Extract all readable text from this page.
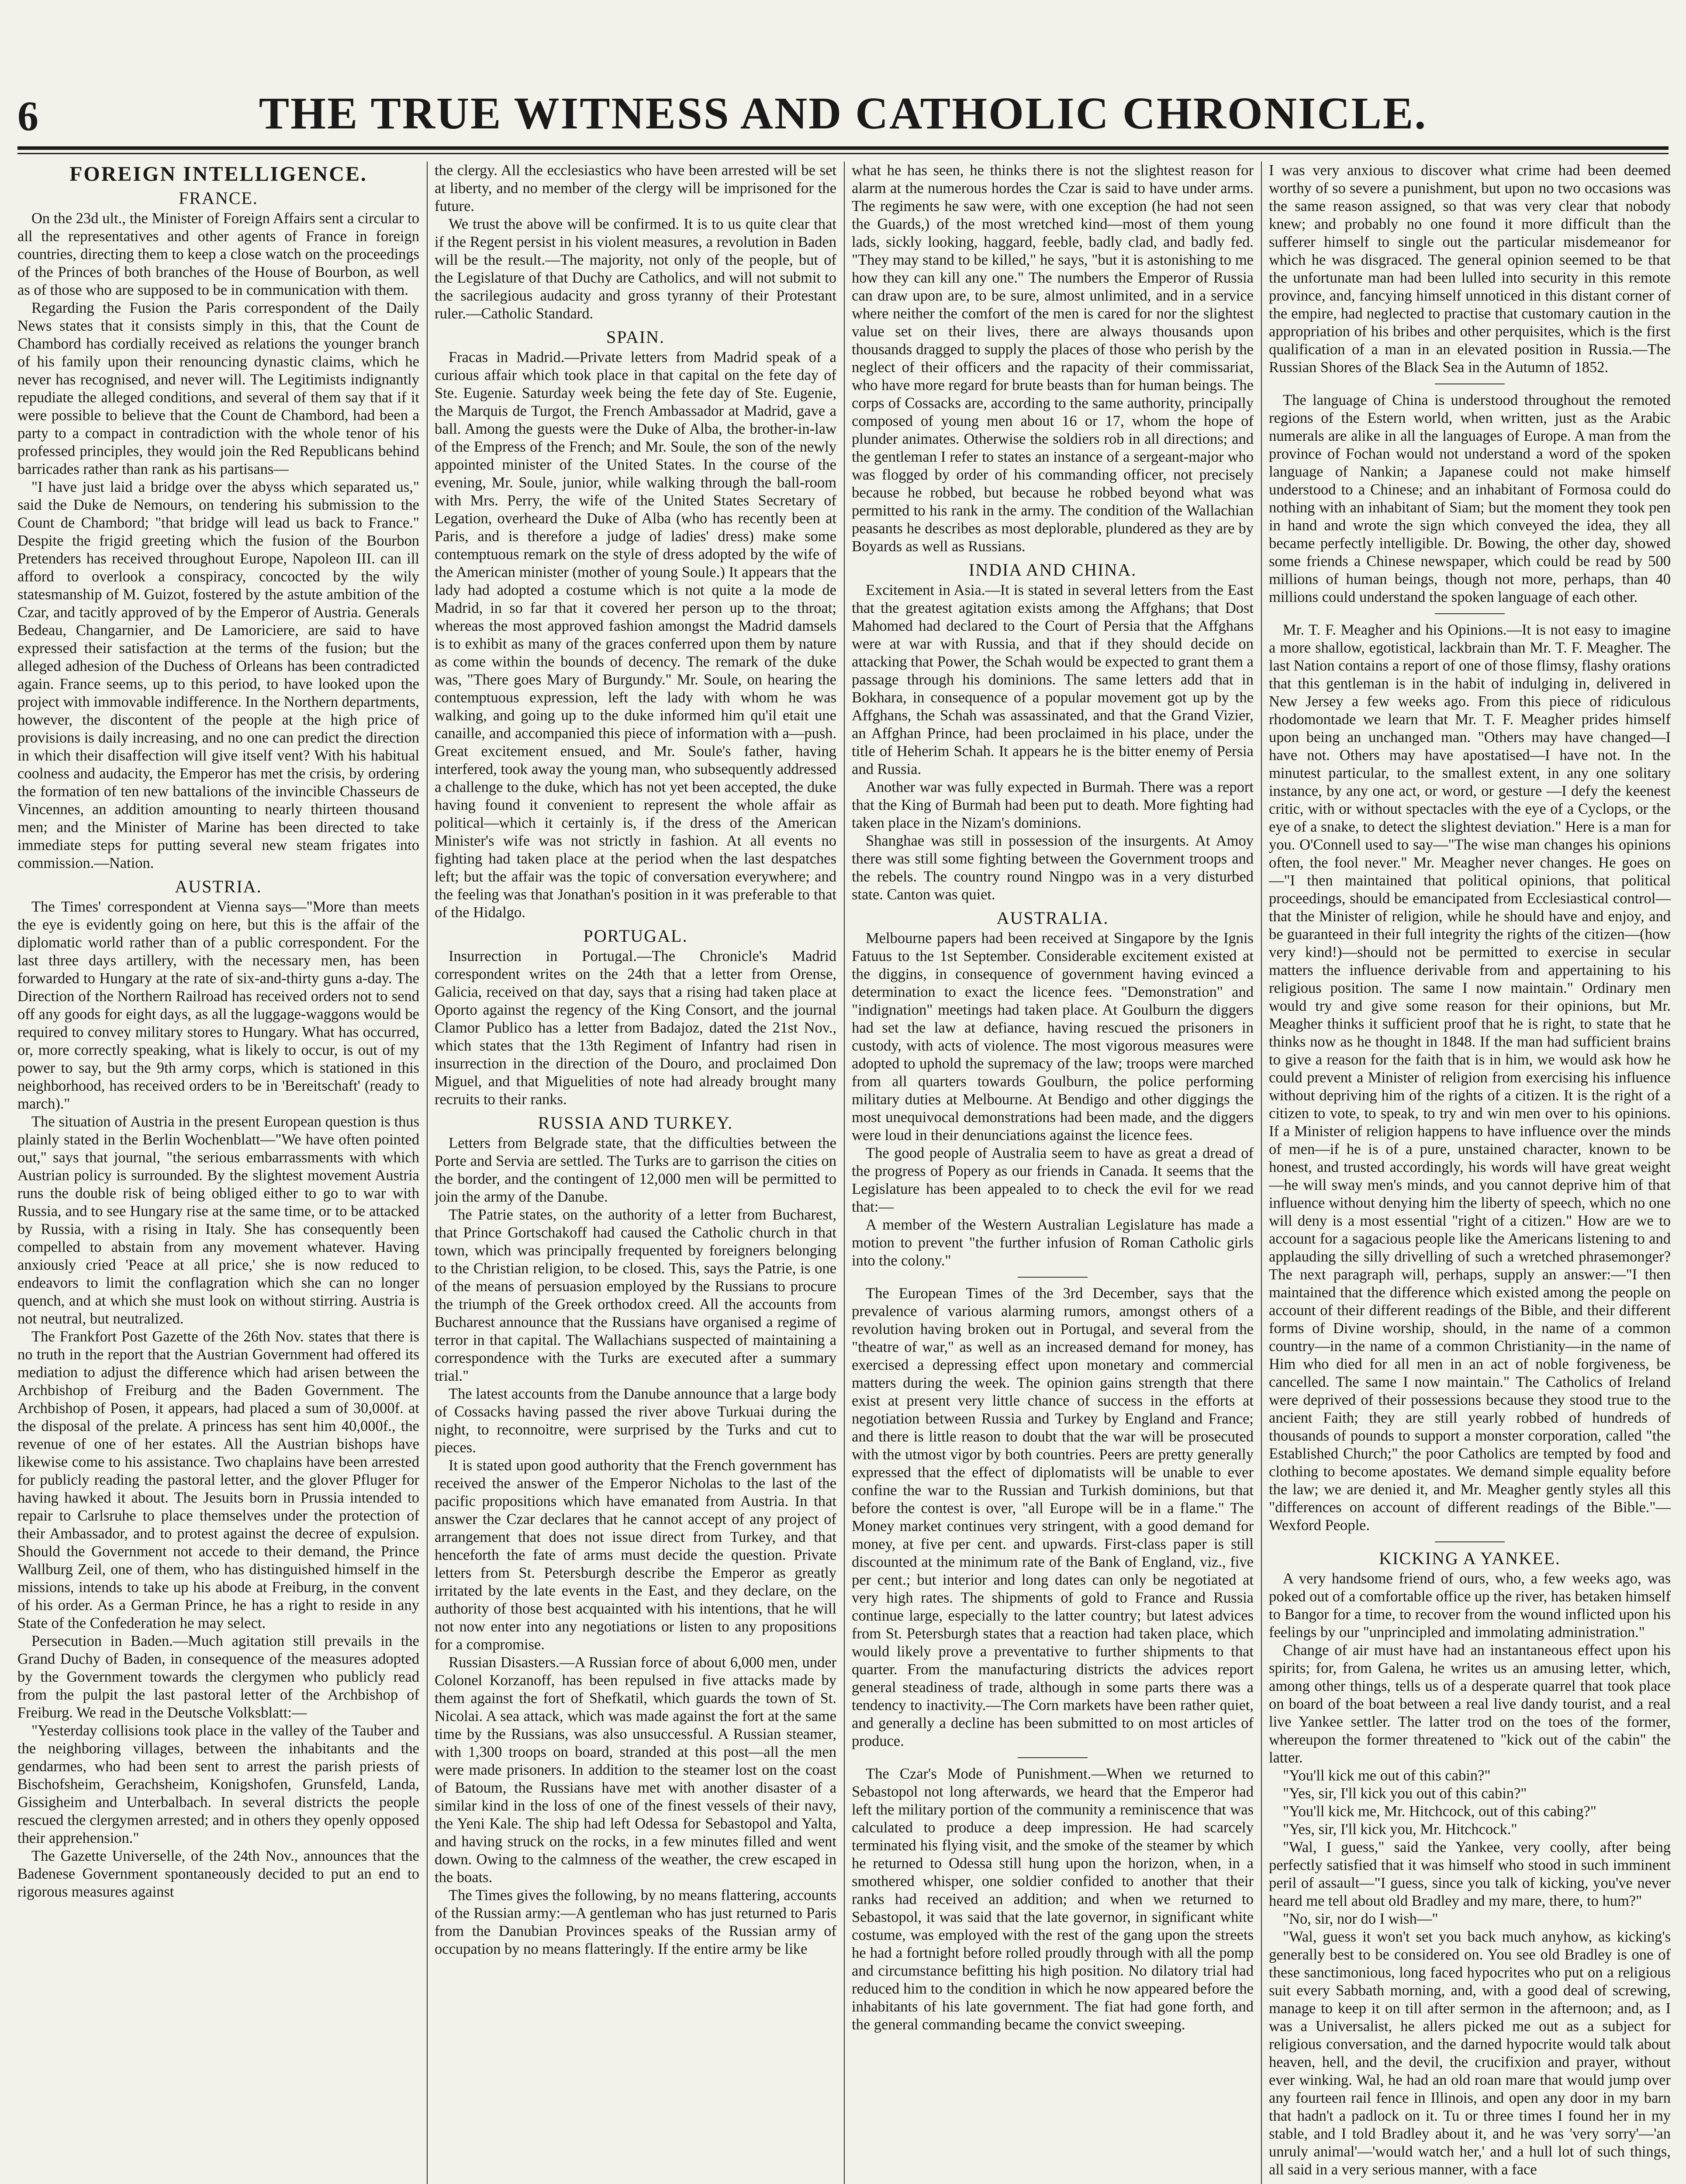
6	THE TRUE WITNESS AND CATHOLIC CHRONICLE.
FOREIGN INTELLIGENCE.
FRANCE.

On the 23d ult., the Minister of Foreign Affairs sent a circular to all the representatives and other agents of France in foreign countries, directing them to keep a close watch on the proceedings of the Princes of both branches of the House of Bourbon, as well as of those who are supposed to be in communication with them.

Regarding the Fusion the Paris correspondent of the Daily News states that it consists simply in this, that the Count de Chambord has cordially received as relations the younger branch of his family upon their renouncing dynastic claims, which he never has recognised, and never will. The Legitimists indignantly repudiate the alleged conditions, and several of them say that if it were possible to believe that the Count de Chambord, had been a party to a compact in contradiction with the whole tenor of his professed principles, they would join the Red Republicans behind barricades rather than rank as his partisans—

"I have just laid a bridge over the abyss which separated us," said the Duke de Nemours, on tendering his submission to the Count de Chambord; "that bridge will lead us back to France." Despite the frigid greeting which the fusion of the Bourbon Pretenders has received throughout Europe, Napoleon III. can ill afford to overlook a conspiracy, concocted by the wily statesmanship of M. Guizot, fostered by the astute ambition of the Czar, and tacitly approved of by the Emperor of Austria. Generals Bedeau, Changarnier, and De Lamoriciere, are said to have expressed their satisfaction at the terms of the fusion; but the alleged adhesion of the Duchess of Orleans has been contradicted again. France seems, up to this period, to have looked upon the project with immovable indifference. In the Northern departments, however, the discontent of the people at the high price of provisions is daily increasing, and no one can predict the direction in which their disaffection will give itself vent? With his habitual coolness and audacity, the Emperor has met the crisis, by ordering the formation of ten new battalions of the invincible Chasseurs de Vincennes, an addition amounting to nearly thirteen thousand men; and the Minister of Marine has been directed to take immediate steps for putting several new steam frigates into commission.—Nation.

AUSTRIA.

The Times' correspondent at Vienna says—"More than meets the eye is evidently going on here, but this is the affair of the diplomatic world rather than of a public correspondent. For the last three days artillery, with the necessary men, has been forwarded to Hungary at the rate of six-and-thirty guns a-day. The Direction of the Northern Railroad has received orders not to send off any goods for eight days, as all the luggage-waggons would be required to convey military stores to Hungary. What has occurred, or, more correctly speaking, what is likely to occur, is out of my power to say, but the 9th army corps, which is stationed in this neighborhood, has received orders to be in 'Bereitschaft' (ready to march)."

The situation of Austria in the present European question is thus plainly stated in the Berlin Wochenblatt—"We have often pointed out," says that journal, "the serious embarrassments with which Austrian policy is surrounded. By the slightest movement Austria runs the double risk of being obliged either to go to war with Russia, and to see Hungary rise at the same time, or to be attacked by Russia, with a rising in Italy. She has consequently been compelled to abstain from any movement whatever. Having anxiously cried 'Peace at all price,' she is now reduced to endeavors to limit the conflagration which she can no longer quench, and at which she must look on without stirring. Austria is not neutral, but neutralized.

The Frankfort Post Gazette of the 26th Nov. states that there is no truth in the report that the Austrian Government had offered its mediation to adjust the difference which had arisen between the Archbishop of Freiburg and the Baden Government. The Archbishop of Posen, it appears, had placed a sum of 30,000f. at the disposal of the prelate. A princess has sent him 40,000f., the revenue of one of her estates. All the Austrian bishops have likewise come to his assistance. Two chaplains have been arrested for publicly reading the pastoral letter, and the glover Pfluger for having hawked it about. The Jesuits born in Prussia intended to repair to Carlsruhe to place themselves under the protection of their Ambassador, and to protest against the decree of expulsion. Should the Government not accede to their demand, the Prince Wallburg Zeil, one of them, who has distinguished himself in the missions, intends to take up his abode at Freiburg, in the convent of his order. As a German Prince, he has a right to reside in any State of the Confederation he may select.

Persecution in Baden.—Much agitation still prevails in the Grand Duchy of Baden, in consequence of the measures adopted by the Government towards the clergymen who publicly read from the pulpit the last pastoral letter of the Archbishop of Freiburg. We read in the Deutsche Volksblatt:—

"Yesterday collisions took place in the valley of the Tauber and the neighboring villages, between the inhabitants and the gendarmes, who had been sent to arrest the parish priests of Bischofsheim, Gerachsheim, Konigshofen, Grunsfeld, Landa, Gissigheim and Unterbalbach. In several districts the people rescued the clergymen arrested; and in others they openly opposed their apprehension."

The Gazette Universelle, of the 24th Nov., announces that the Badenese Government spontaneously decided to put an end to rigorous measures against

the clergy. All the ecclesiastics who have been arrested will be set at liberty, and no member of the clergy will be imprisoned for the future.

We trust the above will be confirmed. It is to us quite clear that if the Regent persist in his violent measures, a revolution in Baden will be the result.—The majority, not only of the people, but of the Legislature of that Duchy are Catholics, and will not submit to the sacrilegious audacity and gross tyranny of their Protestant ruler.—Catholic Standard.

SPAIN.

Fracas in Madrid.—Private letters from Madrid speak of a curious affair which took place in that capital on the fete day of Ste. Eugenie. Saturday week being the fete day of Ste. Eugenie, the Marquis de Turgot, the French Ambassador at Madrid, gave a ball. Among the guests were the Duke of Alba, the brother-in-law of the Empress of the French; and Mr. Soule, the son of the newly appointed minister of the United States. In the course of the evening, Mr. Soule, junior, while walking through the ball-room with Mrs. Perry, the wife of the United States Secretary of Legation, overheard the Duke of Alba (who has recently been at Paris, and is therefore a judge of ladies' dress) make some contemptuous remark on the style of dress adopted by the wife of the American minister (mother of young Soule.) It appears that the lady had adopted a costume which is not quite a la mode de Madrid, in so far that it covered her person up to the throat; whereas the most approved fashion amongst the Madrid damsels is to exhibit as many of the graces conferred upon them by nature as come within the bounds of decency. The remark of the duke was, "There goes Mary of Burgundy." Mr. Soule, on hearing the contemptuous expression, left the lady with whom he was walking, and going up to the duke informed him qu'il etait une canaille, and accompanied this piece of information with a—push. Great excitement ensued, and Mr. Soule's father, having interfered, took away the young man, who subsequently addressed a challenge to the duke, which has not yet been accepted, the duke having found it convenient to represent the whole affair as political—which it certainly is, if the dress of the American Minister's wife was not strictly in fashion. At all events no fighting had taken place at the period when the last despatches left; but the affair was the topic of conversation everywhere; and the feeling was that Jonathan's position in it was preferable to that of the Hidalgo.

PORTUGAL.

Insurrection in Portugal.—The Chronicle's Madrid correspondent writes on the 24th that a letter from Orense, Galicia, received on that day, says that a rising had taken place at Oporto against the regency of the King Consort, and the journal Clamor Publico has a letter from Badajoz, dated the 21st Nov., which states that the 13th Regiment of Infantry had risen in insurrection in the direction of the Douro, and proclaimed Don Miguel, and that Miguelities of note had already brought many recruits to their ranks.

RUSSIA AND TURKEY.

Letters from Belgrade state, that the difficulties between the Porte and Servia are settled. The Turks are to garrison the cities on the border, and the contingent of 12,000 men will be permitted to join the army of the Danube.

The Patrie states, on the authority of a letter from Bucharest, that Prince Gortschakoff had caused the Catholic church in that town, which was principally frequented by foreigners belonging to the Christian religion, to be closed. This, says the Patrie, is one of the means of persuasion employed by the Russians to procure the triumph of the Greek orthodox creed. All the accounts from Bucharest announce that the Russians have organised a regime of terror in that capital. The Wallachians suspected of maintaining a correspondence with the Turks are executed after a summary trial."

The latest accounts from the Danube announce that a large body of Cossacks having passed the river above Turkuai during the night, to reconnoitre, were surprised by the Turks and cut to pieces.

It is stated upon good authority that the French government has received the answer of the Emperor Nicholas to the last of the pacific propositions which have emanated from Austria. In that answer the Czar declares that he cannot accept of any project of arrangement that does not issue direct from Turkey, and that henceforth the fate of arms must decide the question. Private letters from St. Petersburgh describe the Emperor as greatly irritated by the late events in the East, and they declare, on the authority of those best acquainted with his intentions, that he will not now enter into any negotiations or listen to any propositions for a compromise.

Russian Disasters.—A Russian force of about 6,000 men, under Colonel Korzanoff, has been repulsed in five attacks made by them against the fort of Shefkatil, which guards the town of St. Nicolai. A sea attack, which was made against the fort at the same time by the Russians, was also unsuccessful. A Russian steamer, with 1,300 troops on board, stranded at this post—all the men were made prisoners. In addition to the steamer lost on the coast of Batoum, the Russians have met with another disaster of a similar kind in the loss of one of the finest vessels of their navy, the Yeni Kale. The ship had left Odessa for Sebastopol and Yalta, and having struck on the rocks, in a few minutes filled and went down. Owing to the calmness of the weather, the crew escaped in the boats.

The Times gives the following, by no means flattering, accounts of the Russian army:—A gentleman who has just returned to Paris from the Danubian Provinces speaks of the Russian army of occupation by no means flatteringly. If the entire army be like

what he has seen, he thinks there is not the slightest reason for alarm at the numerous hordes the Czar is said to have under arms. The regiments he saw were, with one exception (he had not seen the Guards,) of the most wretched kind—most of them young lads, sickly looking, haggard, feeble, badly clad, and badly fed. "They may stand to be killed," he says, "but it is astonishing to me how they can kill any one." The numbers the Emperor of Russia can draw upon are, to be sure, almost unlimited, and in a service where neither the comfort of the men is cared for nor the slightest value set on their lives, there are always thousands upon thousands dragged to supply the places of those who perish by the neglect of their officers and the rapacity of their commissariat, who have more regard for brute beasts than for human beings. The corps of Cossacks are, according to the same authority, principally composed of young men about 16 or 17, whom the hope of plunder animates. Otherwise the soldiers rob in all directions; and the gentleman I refer to states an instance of a sergeant-major who was flogged by order of his commanding officer, not precisely because he robbed, but because he robbed beyond what was permitted to his rank in the army. The condition of the Wallachian peasants he describes as most deplorable, plundered as they are by Boyards as well as Russians.

INDIA AND CHINA.

Excitement in Asia.—It is stated in several letters from the East that the greatest agitation exists among the Affghans; that Dost Mahomed had declared to the Court of Persia that the Affghans were at war with Russia, and that if they should decide on attacking that Power, the Schah would be expected to grant them a passage through his dominions. The same letters add that in Bokhara, in consequence of a popular movement got up by the Affghans, the Schah was assassinated, and that the Grand Vizier, an Affghan Prince, had been proclaimed in his place, under the title of Heherim Schah. It appears he is the bitter enemy of Persia and Russia.

Another war was fully expected in Burmah. There was a report that the King of Burmah had been put to death. More fighting had taken place in the Nizam's dominions.

Shanghae was still in possession of the insurgents. At Amoy there was still some fighting between the Government troops and the rebels. The country round Ningpo was in a very disturbed state. Canton was quiet.

AUSTRALIA.

Melbourne papers had been received at Singapore by the Ignis Fatuus to the 1st September. Considerable excitement existed at the diggins, in consequence of government having evinced a determination to exact the licence fees. "Demonstration" and "indignation" meetings had taken place. At Goulburn the diggers had set the law at defiance, having rescued the prisoners in custody, with acts of violence. The most vigorous measures were adopted to uphold the supremacy of the law; troops were marched from all quarters towards Goulburn, the police performing military duties at Melbourne. At Bendigo and other diggings the most unequivocal demonstrations had been made, and the diggers were loud in their denunciations against the licence fees.

The good people of Australia seem to have as great a dread of the progress of Popery as our friends in Canada. It seems that the Legislature has been appealed to to check the evil for we read that:—

A member of the Western Australian Legislature has made a motion to prevent "the further infusion of Roman Catholic girls into the colony."

The European Times of the 3rd December, says that the prevalence of various alarming rumors, amongst others of a revolution having broken out in Portugal, and several from the "theatre of war," as well as an increased demand for money, has exercised a depressing effect upon monetary and commercial matters during the week. The opinion gains strength that there exist at present very little chance of success in the efforts at negotiation between Russia and Turkey by England and France; and there is little reason to doubt that the war will be prosecuted with the utmost vigor by both countries. Peers are pretty generally expressed that the effect of diplomatists will be unable to ever confine the war to the Russian and Turkish dominions, but that before the contest is over, "all Europe will be in a flame." The Money market continues very stringent, with a good demand for money, at five per cent. and upwards. First-class paper is still discounted at the minimum rate of the Bank of England, viz., five per cent.; but interior and long dates can only be negotiated at very high rates. The shipments of gold to France and Russia continue large, especially to the latter country; but latest advices from St. Petersburgh states that a reaction had taken place, which would likely prove a preventative to further shipments to that quarter. From the manufacturing districts the advices report general steadiness of trade, although in some parts there was a tendency to inactivity.—The Corn markets have been rather quiet, and generally a decline has been submitted to on most articles of produce.

The Czar's Mode of Punishment.—When we returned to Sebastopol not long afterwards, we heard that the Emperor had left the military portion of the community a reminiscence that was calculated to produce a deep impression. He had scarcely terminated his flying visit, and the smoke of the steamer by which he returned to Odessa still hung upon the horizon, when, in a smothered whisper, one soldier confided to another that their ranks had received an addition; and when we returned to Sebastopol, it was said that the late governor, in significant white costume, was employed with the rest of the gang upon the streets he had a fortnight before rolled proudly through with all the pomp and circumstance befitting his high position. No dilatory trial had reduced him to the condition in which he now appeared before the inhabitants of his late government. The fiat had gone forth, and the general commanding became the convict sweeping.

I was very anxious to discover what crime had been deemed worthy of so severe a punishment, but upon no two occasions was the same reason assigned, so that was very clear that nobody knew; and probably no one found it more difficult than the sufferer himself to single out the particular misdemeanor for which he was disgraced. The general opinion seemed to be that the unfortunate man had been lulled into security in this remote province, and, fancying himself unnoticed in this distant corner of the empire, had neglected to practise that customary caution in the appropriation of his bribes and other perquisites, which is the first qualification of a man in an elevated position in Russia.—The Russian Shores of the Black Sea in the Autumn of 1852.

The language of China is understood throughout the remoted regions of the Estern world, when written, just as the Arabic numerals are alike in all the languages of Europe. A man from the province of Fochan would not understand a word of the spoken language of Nankin; a Japanese could not make himself understood to a Chinese; and an inhabitant of Formosa could do nothing with an inhabitant of Siam; but the moment they took pen in hand and wrote the sign which conveyed the idea, they all became perfectly intelligible. Dr. Bowing, the other day, showed some friends a Chinese newspaper, which could be read by 500 millions of human beings, though not more, perhaps, than 40 millions could understand the spoken language of each other.

Mr. T. F. Meagher and his Opinions.—It is not easy to imagine a more shallow, egotistical, lackbrain than Mr. T. F. Meagher. The last Nation contains a report of one of those flimsy, flashy orations that this gentleman is in the habit of indulging in, delivered in New Jersey a few weeks ago. From this piece of ridiculous rhodomontade we learn that Mr. T. F. Meagher prides himself upon being an unchanged man. "Others may have changed—I have not. Others may have apostatised—I have not. In the minutest particular, to the smallest extent, in any one solitary instance, by any one act, or word, or gesture —I defy the keenest critic, with or without spectacles with the eye of a Cyclops, or the eye of a snake, to detect the slightest deviation." Here is a man for you. O'Connell used to say—"The wise man changes his opinions often, the fool never." Mr. Meagher never changes. He goes on—"I then maintained that political opinions, that political proceedings, should be emancipated from Ecclesiastical control—that the Minister of religion, while he should have and enjoy, and be guaranteed in their full integrity the rights of the citizen—(how very kind!)—should not be permitted to exercise in secular matters the influence derivable from and appertaining to his religious position. The same I now maintain." Ordinary men would try and give some reason for their opinions, but Mr. Meagher thinks it sufficient proof that he is right, to state that he thinks now as he thought in 1848. If the man had sufficient brains to give a reason for the faith that is in him, we would ask how he could prevent a Minister of religion from exercising his influence without depriving him of the rights of a citizen. It is the right of a citizen to vote, to speak, to try and win men over to his opinions. If a Minister of religion happens to have influence over the minds of men—if he is of a pure, unstained character, known to be honest, and trusted accordingly, his words will have great weight—he will sway men's minds, and you cannot deprive him of that influence without denying him the liberty of speech, which no one will deny is a most essential "right of a citizen." How are we to account for a sagacious people like the Americans listening to and applauding the silly drivelling of such a wretched phrasemonger? The next paragraph will, perhaps, supply an answer:—"I then maintained that the difference which existed among the people on account of their different readings of the Bible, and their different forms of Divine worship, should, in the name of a common country—in the name of a common Christianity—in the name of Him who died for all men in an act of noble forgiveness, be cancelled. The same I now maintain." The Catholics of Ireland were deprived of their possessions because they stood true to the ancient Faith; they are still yearly robbed of hundreds of thousands of pounds to support a monster corporation, called "the Established Church;" the poor Catholics are tempted by food and clothing to become apostates. We demand simple equality before the law; we are denied it, and Mr. Meagher gently styles all this "differences on account of different readings of the Bible."—Wexford People.

KICKING A YANKEE.

A very handsome friend of ours, who, a few weeks ago, was poked out of a comfortable office up the river, has betaken himself to Bangor for a time, to recover from the wound inflicted upon his feelings by our "unprincipled and immolating administration."

Change of air must have had an instantaneous effect upon his spirits; for, from Galena, he writes us an amusing letter, which, among other things, tells us of a desperate quarrel that took place on board of the boat between a real live dandy tourist, and a real live Yankee settler. The latter trod on the toes of the former, whereupon the former threatened to "kick out of the cabin" the latter.

"You'll kick me out of this cabin?"

"Yes, sir, I'll kick you out of this cabin?"

"You'll kick me, Mr. Hitchcock, out of this cabing?"

"Yes, sir, I'll kick you, Mr. Hitchcock."

"Wal, I guess," said the Yankee, very coolly, after being perfectly satisfied that it was himself who stood in such imminent peril of assault—"I guess, since you talk of kicking, you've never heard me tell about old Bradley and my mare, there, to hum?"

"No, sir, nor do I wish—"

"Wal, guess it won't set you back much anyhow, as kicking's generally best to be considered on. You see old Bradley is one of these sanctimonious, long faced hypocrites who put on a religious suit every Sabbath morning, and, with a good deal of screwing, manage to keep it on till after sermon in the afternoon; and, as I was a Universalist, he allers picked me out as a subject for religious conversation, and the darned hypocrite would talk about heaven, hell, and the devil, the crucifixion and prayer, without ever winking. Wal, he had an old roan mare that would jump over any fourteen rail fence in Illinois, and open any door in my barn that hadn't a padlock on it. Tu or three times I found her in my stable, and I told Bradley about it, and he was 'very sorry'—'an unruly animal'—'would watch her,' and a hull lot of such things, all said in a very serious manner, with a face
